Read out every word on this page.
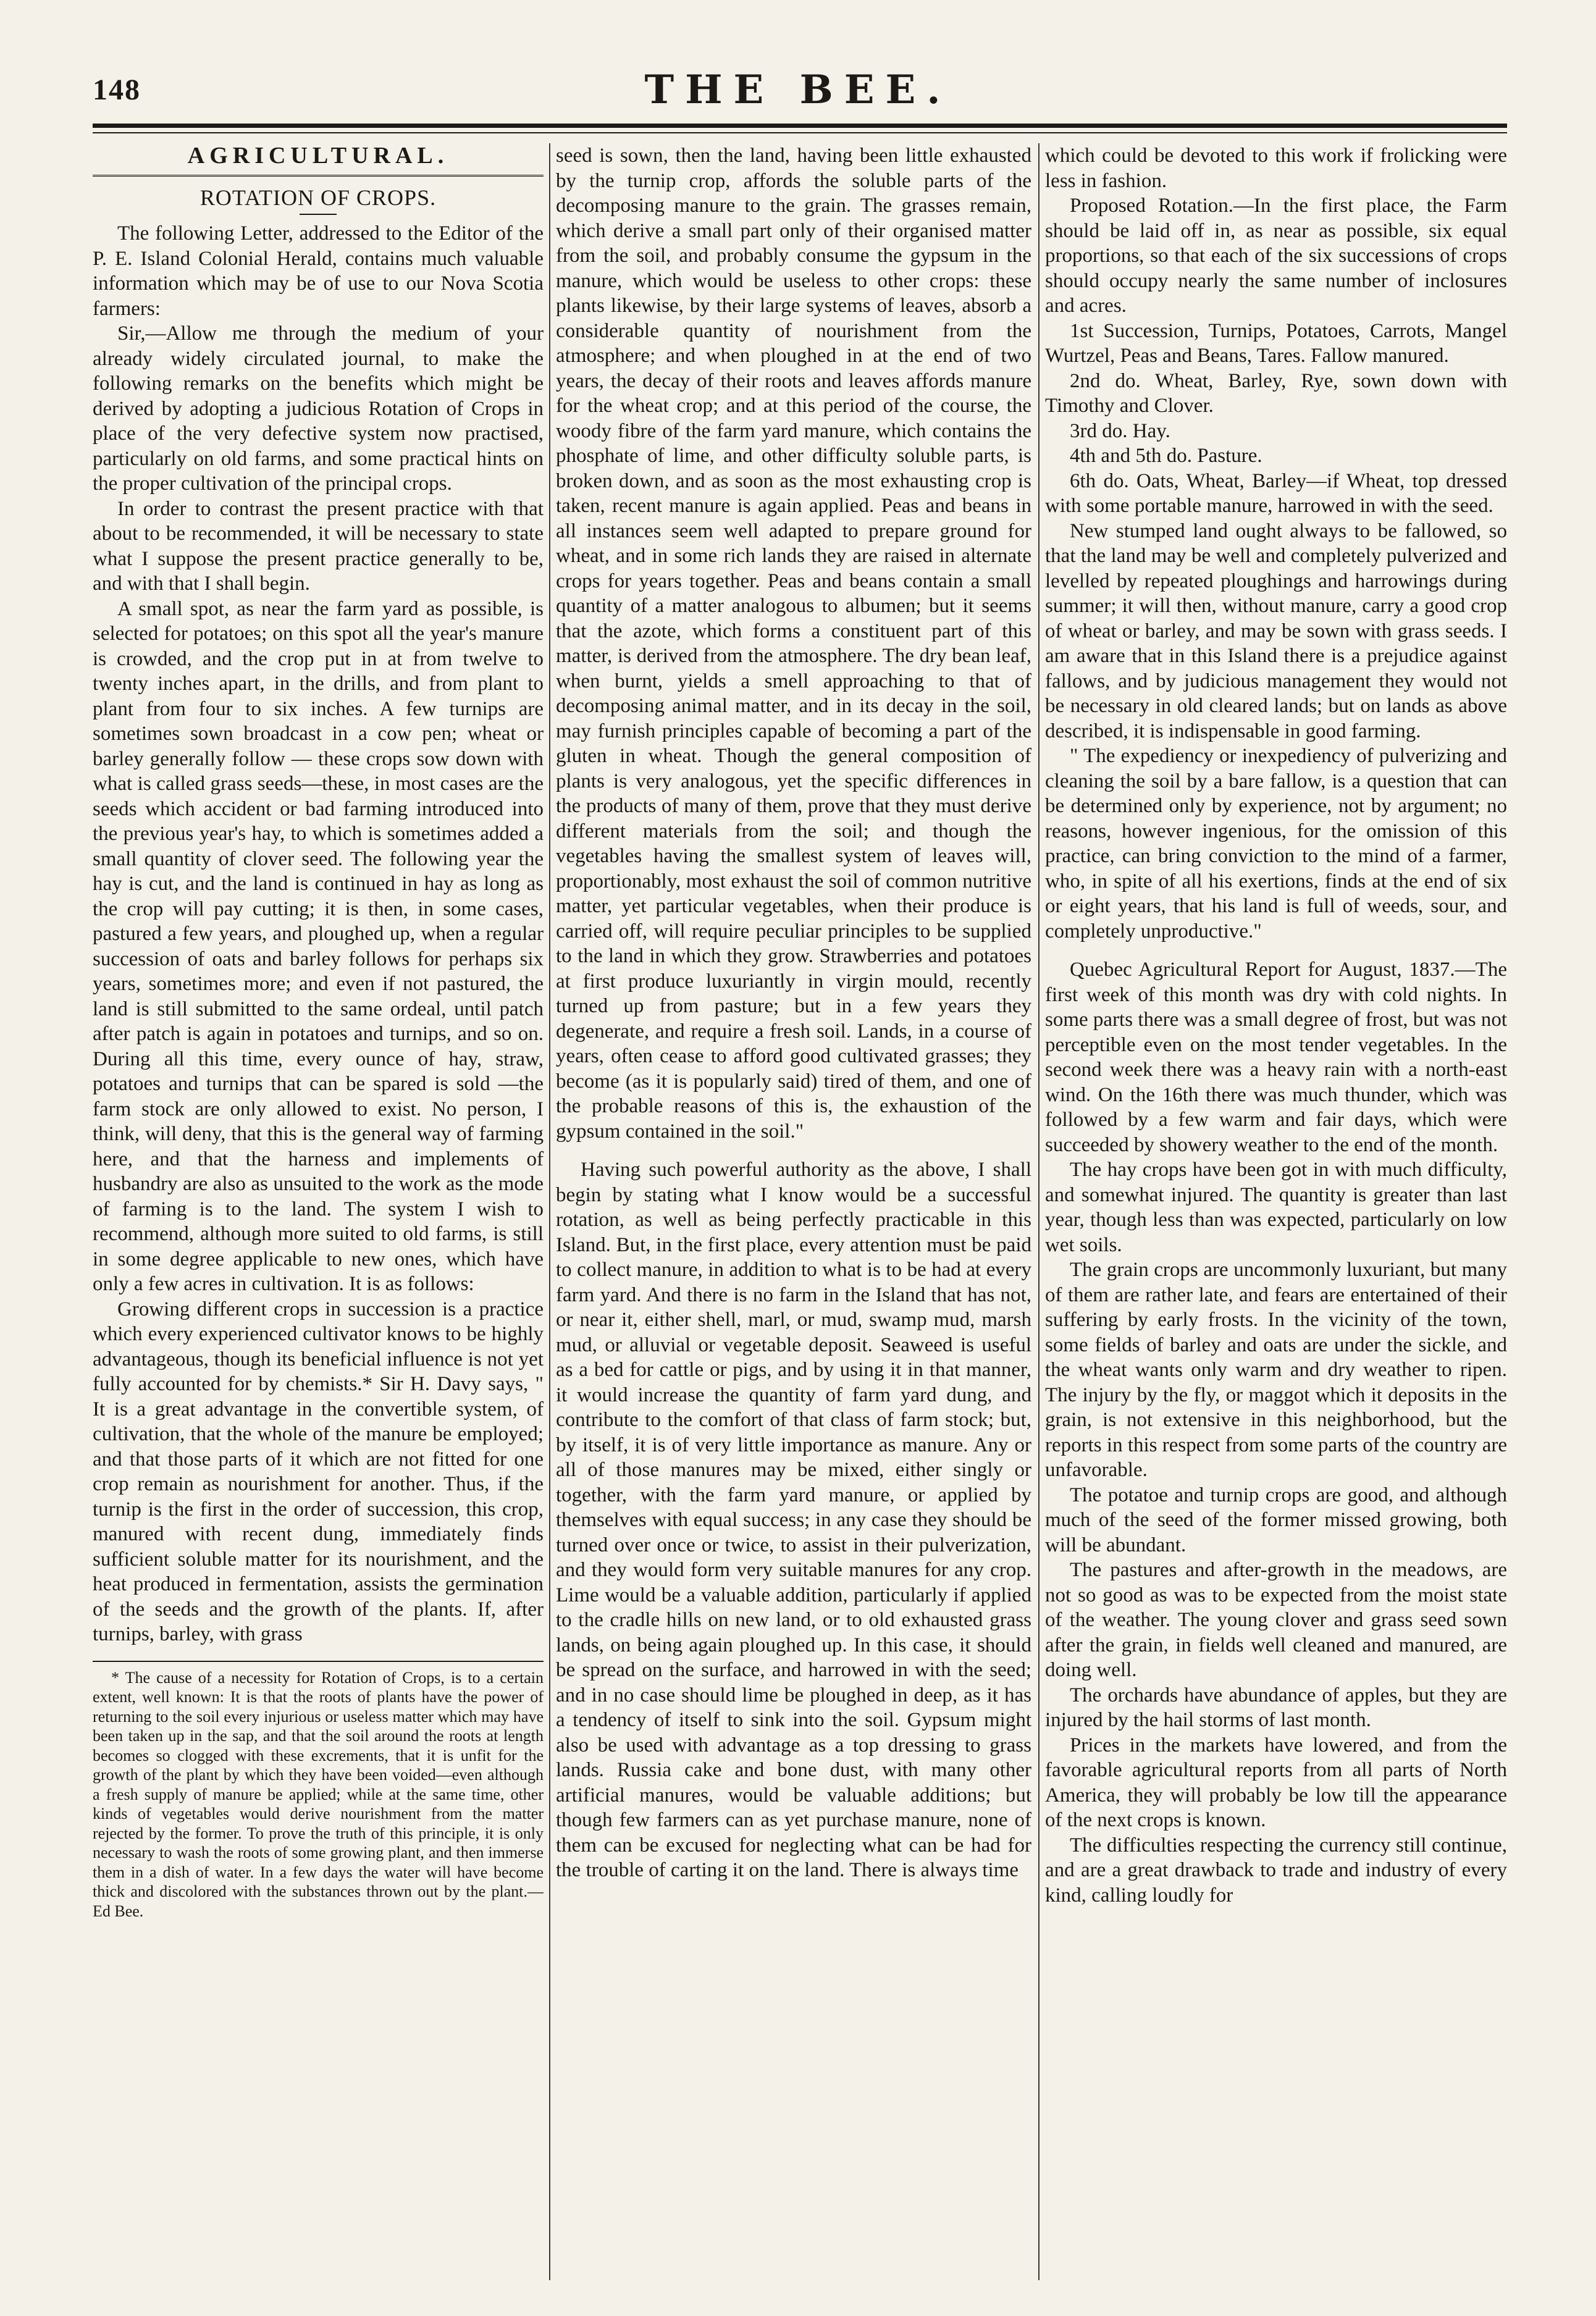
148	THE BEE.
AGRICULTURAL.
ROTATION OF CROPS.

The following Letter, addressed to the Editor of the P. E. Island Colonial Herald, contains much valuable information which may be of use to our Nova Scotia farmers:

Sir,—Allow me through the medium of your already widely circulated journal, to make the following remarks on the benefits which might be derived by adopting a judicious Rotation of Crops in place of the very defective system now practised, particularly on old farms, and some practical hints on the proper cultivation of the principal crops.

In order to contrast the present practice with that about to be recommended, it will be necessary to state what I suppose the present practice generally to be, and with that I shall begin.

A small spot, as near the farm yard as possible, is selected for potatoes; on this spot all the year's manure is crowded, and the crop put in at from twelve to twenty inches apart, in the drills, and from plant to plant from four to six inches. A few turnips are sometimes sown broadcast in a cow pen; wheat or barley generally follow — these crops sow down with what is called grass seeds—these, in most cases are the seeds which accident or bad farming introduced into the previous year's hay, to which is sometimes added a small quantity of clover seed. The following year the hay is cut, and the land is continued in hay as long as the crop will pay cutting; it is then, in some cases, pastured a few years, and ploughed up, when a regular succession of oats and barley follows for perhaps six years, sometimes more; and even if not pastured, the land is still submitted to the same ordeal, until patch after patch is again in potatoes and turnips, and so on. During all this time, every ounce of hay, straw, potatoes and turnips that can be spared is sold —the farm stock are only allowed to exist. No person, I think, will deny, that this is the general way of farming here, and that the harness and implements of husbandry are also as unsuited to the work as the mode of farming is to the land. The system I wish to recommend, although more suited to old farms, is still in some degree applicable to new ones, which have only a few acres in cultivation. It is as follows:

Growing different crops in succession is a practice which every experienced cultivator knows to be highly advantageous, though its beneficial influence is not yet fully accounted for by chemists.* Sir H. Davy says, " It is a great advantage in the convertible system, of cultivation, that the whole of the manure be employed; and that those parts of it which are not fitted for one crop remain as nourishment for another. Thus, if the turnip is the first in the order of succession, this crop, manured with recent dung, immediately finds sufficient soluble matter for its nourishment, and the heat produced in fermentation, assists the germination of the seeds and the growth of the plants. If, after turnips, barley, with grass

* The cause of a necessity for Rotation of Crops, is to a certain extent, well known: It is that the roots of plants have the power of returning to the soil every injurious or useless matter which may have been taken up in the sap, and that the soil around the roots at length becomes so clogged with these excrements, that it is unfit for the growth of the plant by which they have been voided—even although a fresh supply of manure be applied; while at the same time, other kinds of vegetables would derive nourishment from the matter rejected by the former. To prove the truth of this principle, it is only necessary to wash the roots of some growing plant, and then immerse them in a dish of water. In a few days the water will have become thick and discolored with the substances thrown out by the plant.—Ed Bee.

seed is sown, then the land, having been little exhausted by the turnip crop, affords the soluble parts of the decomposing manure to the grain. The grasses remain, which derive a small part only of their organised matter from the soil, and probably consume the gypsum in the manure, which would be useless to other crops: these plants likewise, by their large systems of leaves, absorb a considerable quantity of nourishment from the atmosphere; and when ploughed in at the end of two years, the decay of their roots and leaves affords manure for the wheat crop; and at this period of the course, the woody fibre of the farm yard manure, which contains the phosphate of lime, and other difficulty soluble parts, is broken down, and as soon as the most exhausting crop is taken, recent manure is again applied. Peas and beans in all instances seem well adapted to prepare ground for wheat, and in some rich lands they are raised in alternate crops for years together. Peas and beans contain a small quantity of a matter analogous to albumen; but it seems that the azote, which forms a constituent part of this matter, is derived from the atmosphere. The dry bean leaf, when burnt, yields a smell approaching to that of decomposing animal matter, and in its decay in the soil, may furnish principles capable of becoming a part of the gluten in wheat. Though the general composition of plants is very analogous, yet the specific differences in the products of many of them, prove that they must derive different materials from the soil; and though the vegetables having the smallest system of leaves will, proportionably, most exhaust the soil of common nutritive matter, yet particular vegetables, when their produce is carried off, will require peculiar principles to be supplied to the land in which they grow. Strawberries and potatoes at first produce luxuriantly in virgin mould, recently turned up from pasture; but in a few years they degenerate, and require a fresh soil. Lands, in a course of years, often cease to afford good cultivated grasses; they become (as it is popularly said) tired of them, and one of the probable reasons of this is, the exhaustion of the gypsum contained in the soil."

Having such powerful authority as the above, I shall begin by stating what I know would be a successful rotation, as well as being perfectly practicable in this Island. But, in the first place, every attention must be paid to collect manure, in addition to what is to be had at every farm yard. And there is no farm in the Island that has not, or near it, either shell, marl, or mud, swamp mud, marsh mud, or alluvial or vegetable deposit. Seaweed is useful as a bed for cattle or pigs, and by using it in that manner, it would increase the quantity of farm yard dung, and contribute to the comfort of that class of farm stock; but, by itself, it is of very little importance as manure. Any or all of those manures may be mixed, either singly or together, with the farm yard manure, or applied by themselves with equal success; in any case they should be turned over once or twice, to assist in their pulverization, and they would form very suitable manures for any crop. Lime would be a valuable addition, particularly if applied to the cradle hills on new land, or to old exhausted grass lands, on being again ploughed up. In this case, it should be spread on the surface, and harrowed in with the seed; and in no case should lime be ploughed in deep, as it has a tendency of itself to sink into the soil. Gypsum might also be used with advantage as a top dressing to grass lands. Russia cake and bone dust, with many other artificial manures, would be valuable additions; but though few farmers can as yet purchase manure, none of them can be excused for neglecting what can be had for the trouble of carting it on the land. There is always time

which could be devoted to this work if frolicking were less in fashion.

Proposed Rotation.—In the first place, the Farm should be laid off in, as near as possible, six equal proportions, so that each of the six successions of crops should occupy nearly the same number of inclosures and acres.

1st Succession, Turnips, Potatoes, Carrots, Mangel Wurtzel, Peas and Beans, Tares. Fallow manured.

2nd do. Wheat, Barley, Rye, sown down with Timothy and Clover.

3rd do. Hay.

4th and 5th do. Pasture.

6th do. Oats, Wheat, Barley—if Wheat, top dressed with some portable manure, harrowed in with the seed.

New stumped land ought always to be fallowed, so that the land may be well and completely pulverized and levelled by repeated ploughings and harrowings during summer; it will then, without manure, carry a good crop of wheat or barley, and may be sown with grass seeds. I am aware that in this Island there is a prejudice against fallows, and by judicious management they would not be necessary in old cleared lands; but on lands as above described, it is indispensable in good farming.

" The expediency or inexpediency of pulverizing and cleaning the soil by a bare fallow, is a question that can be determined only by experience, not by argument; no reasons, however ingenious, for the omission of this practice, can bring conviction to the mind of a farmer, who, in spite of all his exertions, finds at the end of six or eight years, that his land is full of weeds, sour, and completely unproductive."

Quebec Agricultural Report for August, 1837.—The first week of this month was dry with cold nights. In some parts there was a small degree of frost, but was not perceptible even on the most tender vegetables. In the second week there was a heavy rain with a north-east wind. On the 16th there was much thunder, which was followed by a few warm and fair days, which were succeeded by showery weather to the end of the month.

The hay crops have been got in with much difficulty, and somewhat injured. The quantity is greater than last year, though less than was expected, particularly on low wet soils.

The grain crops are uncommonly luxuriant, but many of them are rather late, and fears are entertained of their suffering by early frosts. In the vicinity of the town, some fields of barley and oats are under the sickle, and the wheat wants only warm and dry weather to ripen. The injury by the fly, or maggot which it deposits in the grain, is not extensive in this neighborhood, but the reports in this respect from some parts of the country are unfavorable.

The potatoe and turnip crops are good, and although much of the seed of the former missed growing, both will be abundant.

The pastures and after-growth in the meadows, are not so good as was to be expected from the moist state of the weather. The young clover and grass seed sown after the grain, in fields well cleaned and manured, are doing well.

The orchards have abundance of apples, but they are injured by the hail storms of last month.

Prices in the markets have lowered, and from the favorable agricultural reports from all parts of North America, they will probably be low till the appearance of the next crops is known.

The difficulties respecting the currency still continue, and are a great drawback to trade and industry of every kind, calling loudly for
